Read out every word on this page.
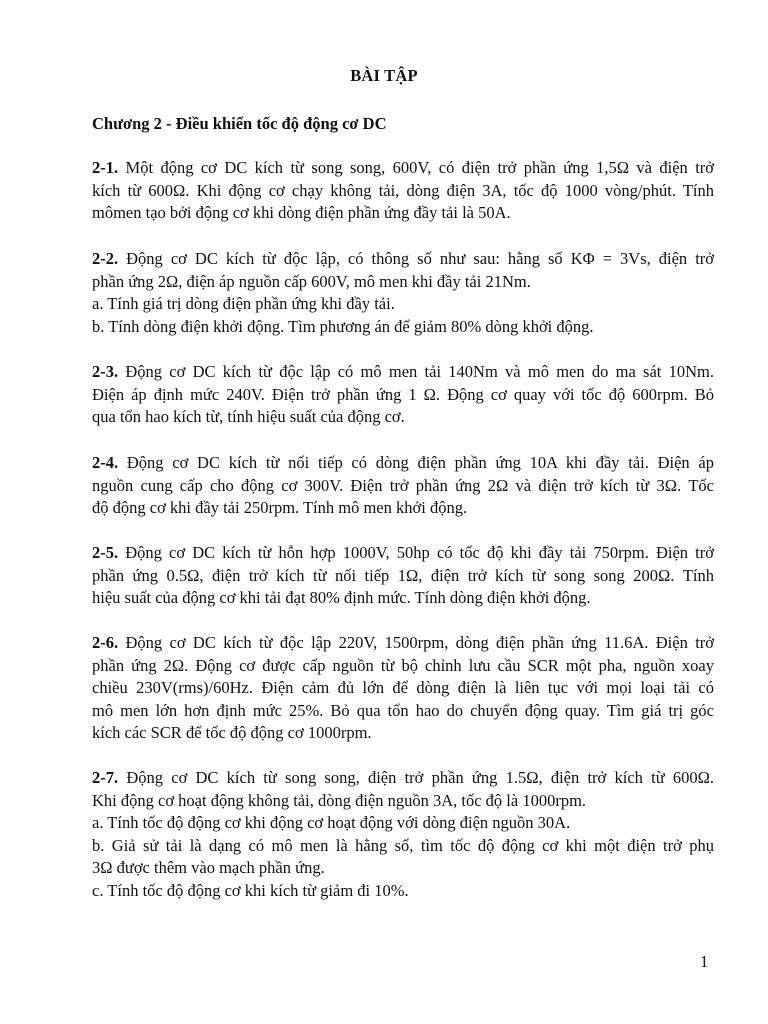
BÀI TẬP
Chương 2 - Điều khiển tốc độ động cơ DC
2-1. Một động cơ DC kích từ song song, 600V, có điện trở phần ứng 1,5Ω và điện trở
kích từ 600Ω. Khi động cơ chạy không tải, dòng điện 3A, tốc độ 1000 vòng/phút. Tính
mômen tạo bởi động cơ khi dòng điện phần ứng đầy tải là 50A.
2-2. Động cơ DC kích từ độc lập, có thông số như sau: hằng số KΦ = 3Vs, điện trở
phần ứng 2Ω, điện áp nguồn cấp 600V, mô men khi đầy tải 21Nm.
a. Tính giá trị dòng điện phần ứng khi đầy tải.
b. Tính dòng điện khởi động. Tìm phương án để giảm 80% dòng khởi động.
2-3. Động cơ DC kích từ độc lập có mô men tải 140Nm và mô men do ma sát 10Nm.
Điện áp định mức 240V. Điện trở phần ứng 1 Ω. Động cơ quay với tốc độ 600rpm. Bỏ
qua tổn hao kích từ, tính hiệu suất của động cơ.
2-4. Động cơ DC kích từ nối tiếp có dòng điện phần ứng 10A khi đầy tải. Điện áp
nguồn cung cấp cho động cơ 300V. Điện trở phần ứng 2Ω và điện trở kích từ 3Ω. Tốc
độ động cơ khi đầy tải 250rpm. Tính mô men khởi động.
2-5. Động cơ DC kích từ hỗn hợp 1000V, 50hp có tốc độ khi đầy tải 750rpm. Điện trở
phần ứng 0.5Ω, điện trở kích từ nối tiếp 1Ω, điện trở kích từ song song 200Ω. Tính
hiệu suất của động cơ khi tải đạt 80% định mức. Tính dòng điện khởi động.
2-6. Động cơ DC kích từ độc lập 220V, 1500rpm, dòng điện phần ứng 11.6A. Điện trở
phần ứng 2Ω. Động cơ được cấp nguồn từ bộ chỉnh lưu cầu SCR một pha, nguồn xoay
chiều 230V(rms)/60Hz. Điện cảm đủ lớn để dòng điện là liên tục với mọi loại tải có
mô men lớn hơn định mức 25%. Bỏ qua tổn hao do chuyển động quay. Tìm giá trị góc
kích các SCR để tốc độ động cơ 1000rpm.
2-7. Động cơ DC kích từ song song, điện trở phần ứng 1.5Ω, điện trở kích từ 600Ω.
Khi động cơ hoạt động không tải, dòng điện nguồn 3A, tốc độ là 1000rpm.
a. Tính tốc độ động cơ khi động cơ hoạt động với dòng điện nguồn 30A.
b. Giả sử tải là dạng có mô men là hằng số, tìm tốc độ động cơ khi một điện trở phụ
3Ω được thêm vào mạch phần ứng.
c. Tính tốc độ động cơ khi kích từ giảm đi 10%.
1
